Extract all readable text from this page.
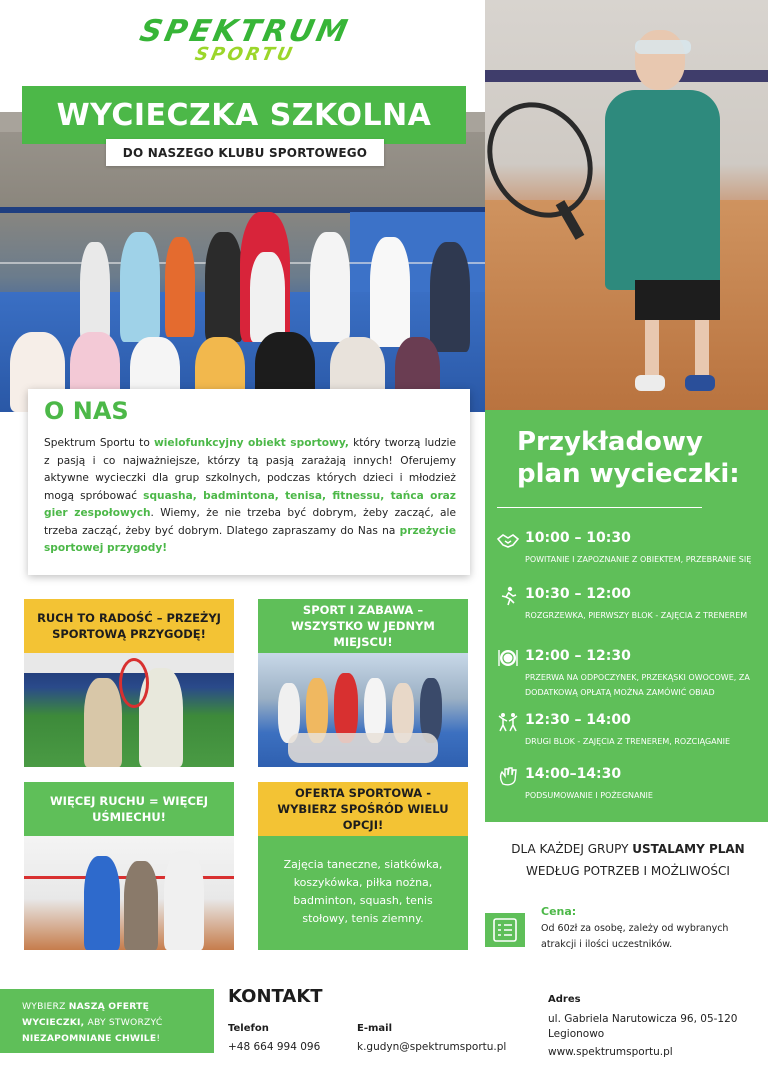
SPEKTRUM
SPORTU
WYCIECZKA SZKOLNA
DO NASZEGO KLUBU SPORTOWEGO
O NAS
Spektrum Sportu to wielofunkcyjny obiekt sportowy, który tworzą ludzie z pasją i co najważniejsze, którzy tą pasją zarażają innych! Oferujemy aktywne wycieczki dla grup szkolnych, podczas których dzieci i młodzież mogą spróbować squasha, badmintona, tenisa, fitnessu, tańca oraz gier zespołowych. Wiemy, że nie trzeba być dobrym, żeby zacząć, ale trzeba zacząć, żeby być dobrym. Dlatego zapraszamy do Nas na przeżycie sportowej przygody!
Przykładowy
plan wycieczki:
10:00 – 10:30
POWITANIE I ZAPOZNANIE Z OBIEKTEM, PRZEBRANIE SIĘ
10:30 – 12:00
ROZGRZEWKA, PIERWSZY BLOK - ZAJĘCIA Z TRENEREM
12:00 – 12:30
PRZERWA NA ODPOCZYNEK, PRZEKĄSKI OWOCOWE, ZA DODATKOWĄ OPŁATĄ MOŻNA ZAMÓWIĆ OBIAD
12:30 – 14:00
DRUGI BLOK - ZAJĘCIA Z TRENEREM, ROZCIĄGANIE
14:00–14:30
PODSUMOWANIE I POŻEGNANIE
RUCH TO RADOŚĆ – PRZEŻYJ SPORTOWĄ PRZYGODĘ!
SPORT I ZABAWA – WSZYSTKO W JEDNYM MIEJSCU!
WIĘCEJ RUCHU = WIĘCEJ UŚMIECHU!
OFERTA SPORTOWA - WYBIERZ SPOŚRÓD WIELU OPCJI!
Zajęcia taneczne, siatkówka, koszykówka, piłka nożna, badminton, squash, tenis stołowy, tenis ziemny.
DLA KAŻDEJ GRUPY USTALAMY PLAN
WEDŁUG POTRZEB I MOŻLIWOŚCI
Cena:
Od 60zł za osobę, zależy od wybranych atrakcji i ilości uczestników.
WYBIERZ NASZĄ OFERTĘ
WYCIECZKI, ABY STWORZYĆ
NIEZAPOMNIANE CHWILE!
KONTAKT
Telefon
+48 664 994 096
E-mail
k.gudyn@spektrumsportu.pl
Adres
ul. Gabriela Narutowicza 96, 05-120
Legionowo
www.spektrumsportu.pl
